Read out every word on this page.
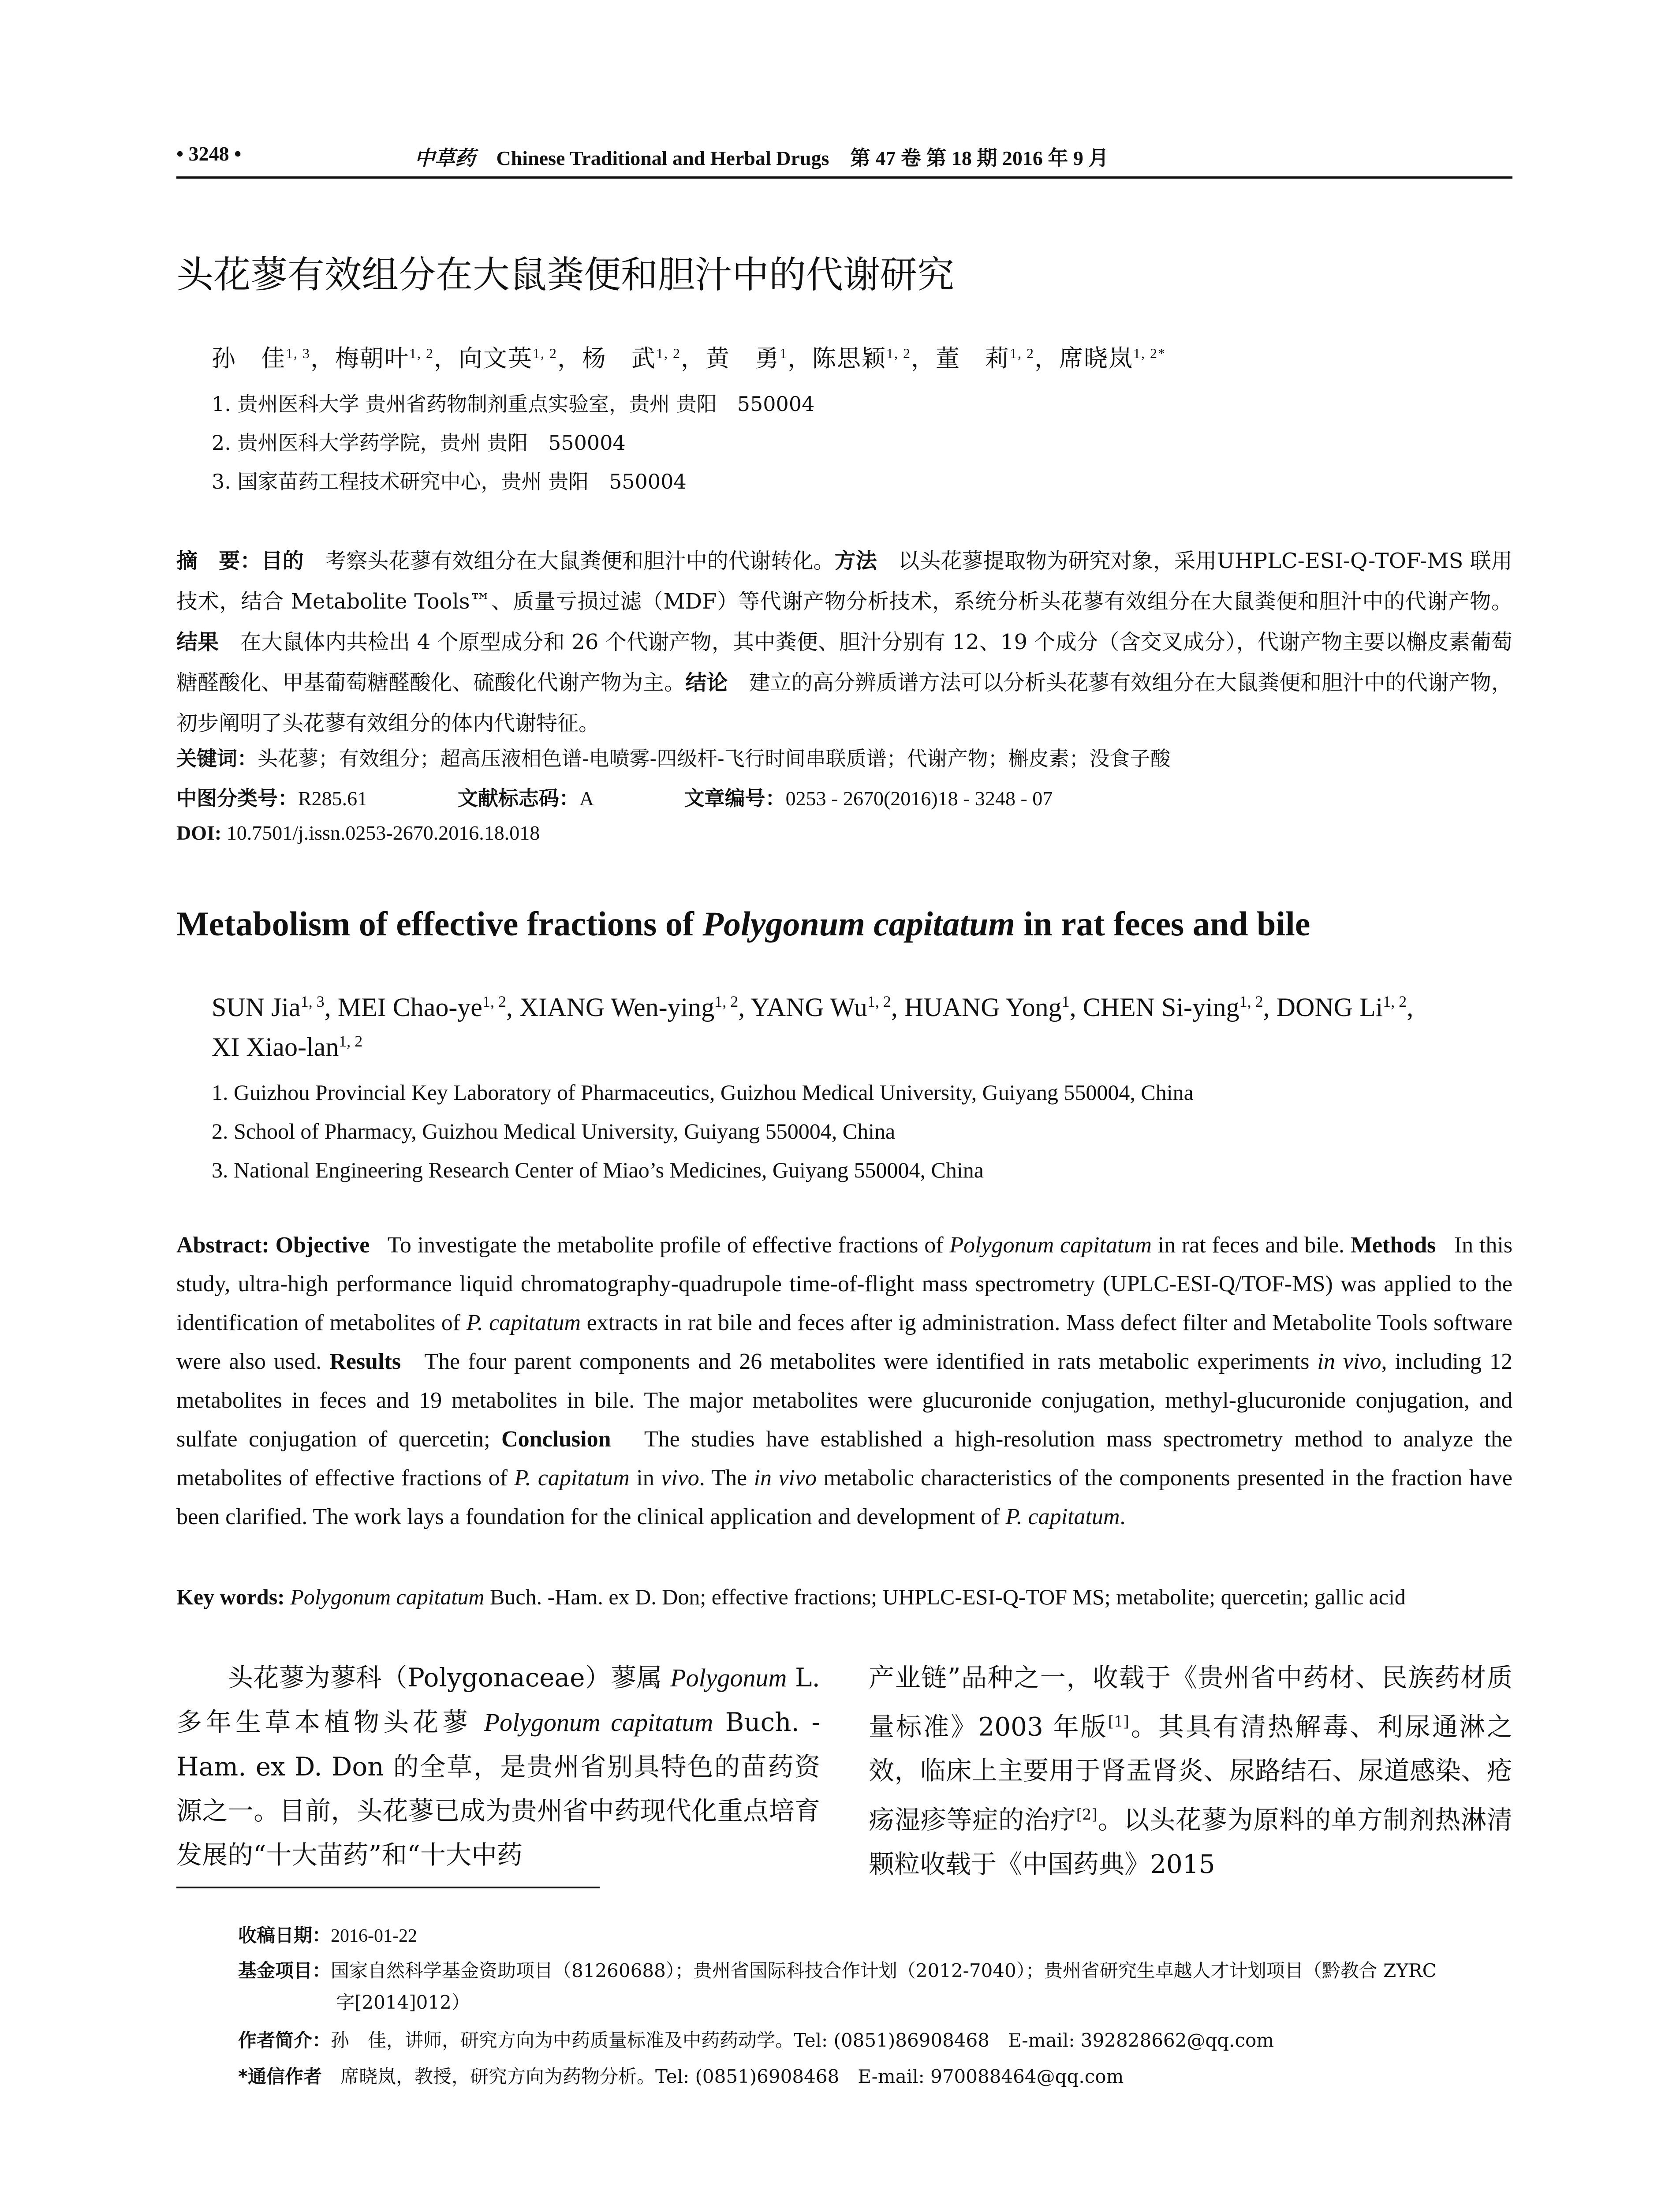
• 3248 •	中草药 Chinese Traditional and Herbal Drugs 第 47 卷 第 18 期 2016 年 9 月
头花蓼有效组分在大鼠粪便和胆汁中的代谢研究
孙　佳$^{1, 3}$，梅朝叶$^{1, 2}$，向文英$^{1, 2}$，杨　武$^{1, 2}$，黄　勇$^1$，陈思颖$^{1, 2}$，董　莉$^{1, 2}$，席晓岚$^{1, 2*}$
1. 贵州医科大学 贵州省药物制剂重点实验室，贵州 贵阳　550004
2. 贵州医科大学药学院，贵州 贵阳　550004
3. 国家苗药工程技术研究中心，贵州 贵阳　550004
摘　要：目的　 考察头花蓼有效组分在大鼠粪便和胆汁中的代谢转化。方法　 以头花蓼提取物为研究对象，采用UHPLC-ESI-Q-TOF-MS 联用技术，结合 Metabolite Tools™、质量亏损过滤（MDF）等代谢产物分析技术，系统分析头花蓼有效组分在大鼠粪便和胆汁中的代谢产物。结果　 在大鼠体内共检出 4 个原型成分和 26 个代谢产物，其中粪便、胆汁分别有 12、19 个成分（含交叉成分），代谢产物主要以槲皮素葡萄糖醛酸化、甲基葡萄糖醛酸化、硫酸化代谢产物为主。结论　 建立的高分辨质谱方法可以分析头花蓼有效组分在大鼠粪便和胆汁中的代谢产物，初步阐明了头花蓼有效组分的体内代谢特征。
关键词：头花蓼；有效组分；超高压液相色谱-电喷雾-四级杆-飞行时间串联质谱；代谢产物；槲皮素；没食子酸
中图分类号：R285.61	文献标志码：A	文章编号：0253 - 2670(2016)18 - 3248 - 07
DOI: 10.7501/j.issn.0253-2670.2016.18.018
Metabolism of effective fractions of Polygonum capitatum in rat feces and bile
SUN Jia$^{1, 3}$, MEI Chao-ye$^{1, 2}$, XIANG Wen-ying$^{1, 2}$, YANG Wu$^{1, 2}$, HUANG Yong$^1$, CHEN Si-ying$^{1, 2}$, DONG Li$^{1, 2}$,
XI Xiao-lan$^{1, 2}$
1. Guizhou Provincial Key Laboratory of Pharmaceutics, Guizhou Medical University, Guiyang 550004, China
2. School of Pharmacy, Guizhou Medical University, Guiyang 550004, China
3. National Engineering Research Center of Miao’s Medicines, Guiyang 550004, China
Abstract: Objective To investigate the metabolite profile of effective fractions of Polygonum capitatum in rat feces and bile. Methods In this study, ultra-high performance liquid chromatography-quadrupole time-of-flight mass spectrometry (UPLC-ESI-Q/TOF-MS) was applied to the identification of metabolites of P. capitatum extracts in rat bile and feces after ig administration. Mass defect filter and Metabolite Tools software were also used. Results The four parent components and 26 metabolites were identified in rats metabolic experiments in vivo, including 12 metabolites in feces and 19 metabolites in bile. The major metabolites were glucuronide conjugation, methyl-glucuronide conjugation, and sulfate conjugation of quercetin; Conclusion The studies have established a high-resolution mass spectrometry method to analyze the metabolites of effective fractions of P. capitatum in vivo. The in vivo metabolic characteristics of the components presented in the fraction have been clarified. The work lays a foundation for the clinical application and development of P. capitatum.
Key words: Polygonum capitatum Buch. -Ham. ex D. Don; effective fractions; UHPLC-ESI-Q-TOF MS; metabolite; quercetin; gallic acid

头花蓼为蓼科（Polygonaceae）蓼属 Polygonum L. 多年生草本植物头花蓼 Polygonum capitatum Buch. -Ham. ex D. Don 的全草，是贵州省别具特色的苗药资源之一。目前，头花蓼已成为贵州省中药现代化重点培育发展的“十大苗药”和“十大中药

产业链”品种之一，收载于《贵州省中药材、民族药材质量标准》2003 年版[1]。其具有清热解毒、利尿通淋之效，临床上主要用于肾盂肾炎、尿路结石、尿道感染、疮疡湿疹等症的治疗[2]。以头花蓼为原料的单方制剂热淋清颗粒收载于《中国药典》2015

收稿日期：2016-01-22
基金项目：国家自然科学基金资助项目（81260688）；贵州省国际科技合作计划（2012-7040）；贵州省研究生卓越人才计划项目（黔教合 ZYRC
字[2014]012）
作者简介：孙　佳，讲师，研究方向为中药质量标准及中药药动学。Tel: (0851)86908468　E-mail: 392828662@qq.com
*通信作者　 席晓岚，教授，研究方向为药物分析。Tel: (0851)6908468　E-mail: 970088464@qq.com
